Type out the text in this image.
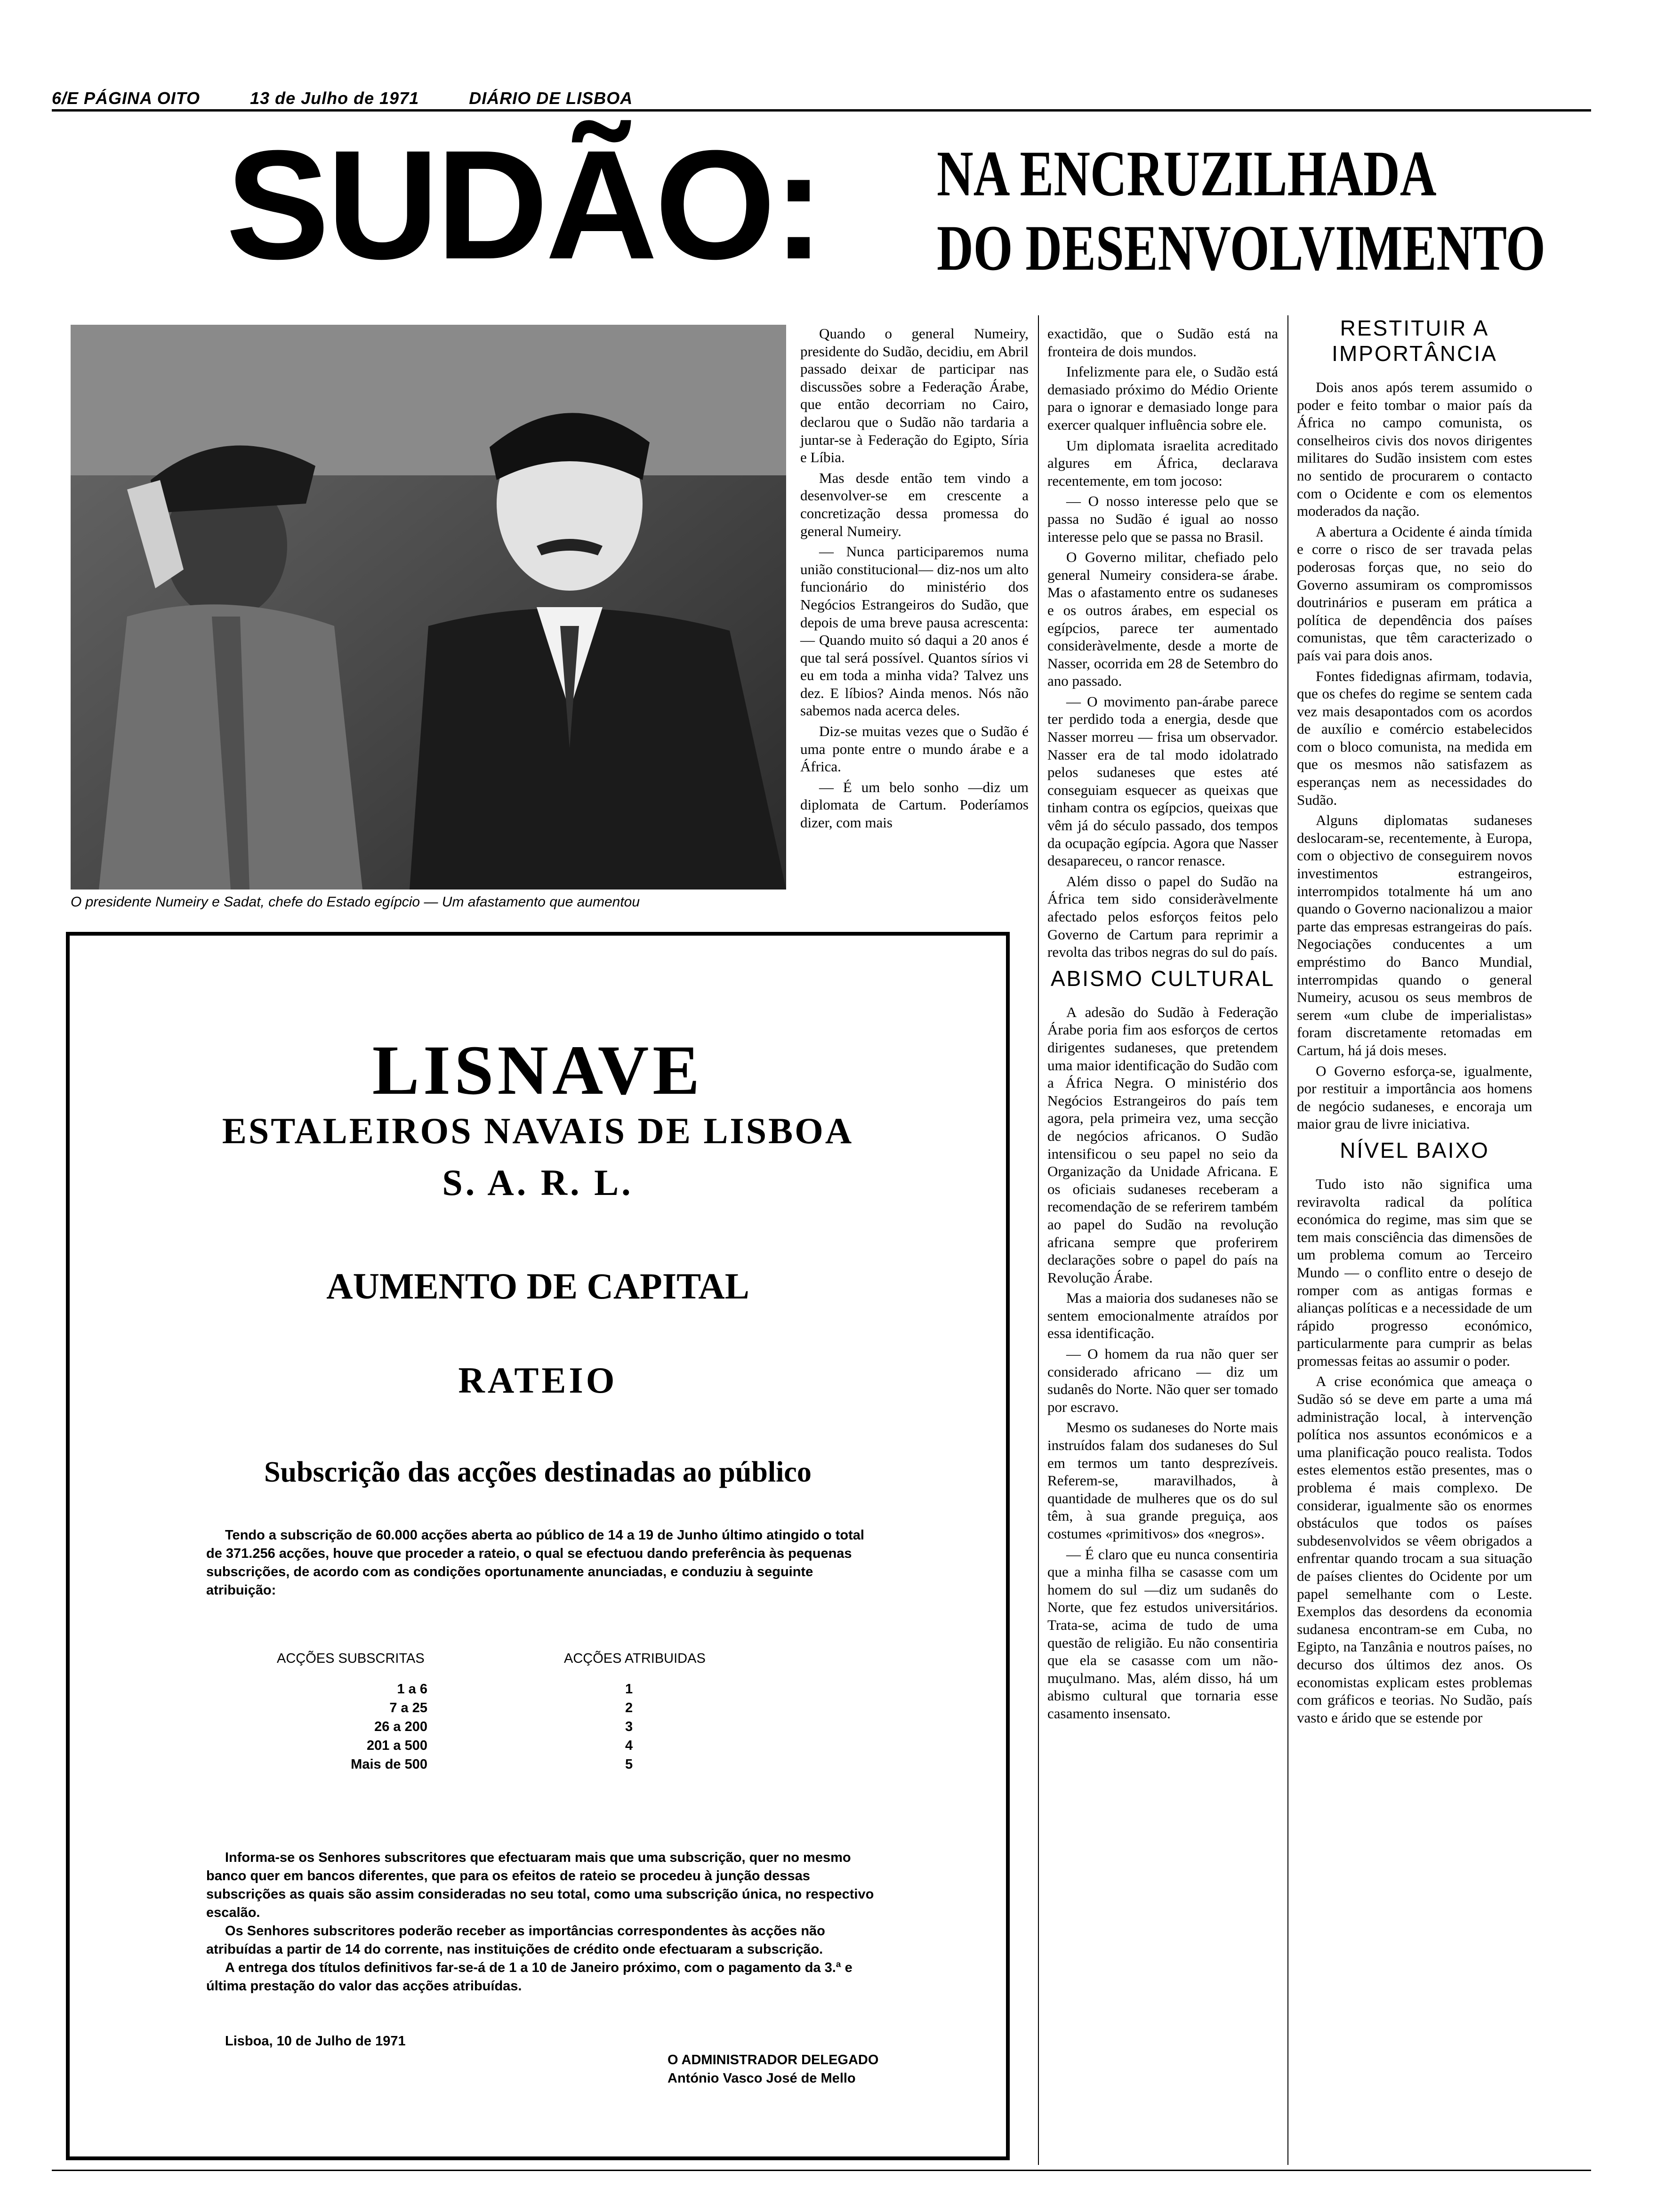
6/E PÁGINA OITO	13 de Julho de 1971	DIÁRIO DE LISBOA
SUDÃO: NA ENCRUZILHADA
DO DESENVOLVIMENTO
O presidente Numeiry e Sadat, chefe do Estado egípcio — Um afastamento que aumentou

Quando o general Numeiry, presidente do Sudão, decidiu, em Abril passado deixar de participar nas discussões sobre a Federação Árabe, que então decorriam no Cairo, declarou que o Sudão não tardaria a juntar-se à Federação do Egipto, Síria e Líbia.

Mas desde então tem vindo a desenvolver-se em crescente a concretização dessa promessa do general Numeiry.

— Nunca participaremos numa união constitucional— diz-nos um alto funcionário do ministério dos Negócios Estrangeiros do Sudão, que depois de uma breve pausa acrescenta: — Quando muito só daqui a 20 anos é que tal será possível. Quantos sírios vi eu em toda a minha vida? Talvez uns dez. E líbios? Ainda menos. Nós não sabemos nada acerca deles.

Diz-se muitas vezes que o Sudão é uma ponte entre o mundo árabe e a África.

— É um belo sonho —diz um diplomata de Cartum. Poderíamos dizer, com mais

exactidão, que o Sudão está na fronteira de dois mundos.

Infelizmente para ele, o Sudão está demasiado próximo do Médio Oriente para o ignorar e demasiado longe para exercer qualquer influência sobre ele.

Um diplomata israelita acreditado algures em África, declarava recentemente, em tom jocoso:

— O nosso interesse pelo que se passa no Sudão é igual ao nosso interesse pelo que se passa no Brasil.

O Governo militar, chefiado pelo general Numeiry considera-se árabe. Mas o afastamento entre os sudaneses e os outros árabes, em especial os egípcios, parece ter aumentado consideràvelmente, desde a morte de Nasser, ocorrida em 28 de Setembro do ano passado.

— O movimento pan-árabe parece ter perdido toda a energia, desde que Nasser morreu — frisa um observador. Nasser era de tal modo idolatrado pelos sudaneses que estes até conseguiam esquecer as queixas que tinham contra os egípcios, queixas que vêm já do século passado, dos tempos da ocupação egípcia. Agora que Nasser desapareceu, o rancor renasce.

Além disso o papel do Sudão na África tem sido consideràvelmente afectado pelos esforços feitos pelo Governo de Cartum para reprimir a revolta das tribos negras do sul do país.

ABISMO CULTURAL

A adesão do Sudão à Federação Árabe poria fim aos esforços de certos dirigentes sudaneses, que pretendem uma maior identificação do Sudão com a África Negra. O ministério dos Negócios Estrangeiros do país tem agora, pela primeira vez, uma secção de negócios africanos. O Sudão intensificou o seu papel no seio da Organização da Unidade Africana. E os oficiais sudaneses receberam a recomendação de se referirem também ao papel do Sudão na revolução africana sempre que proferirem declarações sobre o papel do país na Revolução Árabe.

Mas a maioria dos sudaneses não se sentem emocionalmente atraídos por essa identificação.

— O homem da rua não quer ser considerado africano — diz um sudanês do Norte. Não quer ser tomado por escravo.

Mesmo os sudaneses do Norte mais instruídos falam dos sudaneses do Sul em termos um tanto desprezíveis. Referem-se, maravilhados, à quantidade de mulheres que os do sul têm, à sua grande preguiça, aos costumes «primitivos» dos «negros».

— É claro que eu nunca consentiria que a minha filha se casasse com um homem do sul —diz um sudanês do Norte, que fez estudos universitários. Trata-se, acima de tudo de uma questão de religião. Eu não consentiria que ela se casasse com um não-muçulmano. Mas, além disso, há um abismo cultural que tornaria esse casamento insensato.

RESTITUIR A IMPORTÂNCIA

Dois anos após terem assumido o poder e feito tombar o maior país da África no campo comunista, os conselheiros civis dos novos dirigentes militares do Sudão insistem com estes no sentido de procurarem o contacto com o Ocidente e com os elementos moderados da nação.

A abertura a Ocidente é ainda tímida e corre o risco de ser travada pelas poderosas forças que, no seio do Governo assumiram os compromissos doutrinários e puseram em prática a política de dependência dos países comunistas, que têm caracterizado o país vai para dois anos.

Fontes fidedignas afirmam, todavia, que os chefes do regime se sentem cada vez mais desapontados com os acordos de auxílio e comércio estabelecidos com o bloco comunista, na medida em que os mesmos não satisfazem as esperanças nem as necessidades do Sudão.

Alguns diplomatas sudaneses deslocaram-se, recentemente, à Europa, com o objectivo de conseguirem novos investimentos estrangeiros, interrompidos totalmente há um ano quando o Governo nacionalizou a maior parte das empresas estrangeiras do país. Negociações conducentes a um empréstimo do Banco Mundial, interrompidas quando o general Numeiry, acusou os seus membros de serem «um clube de imperialistas» foram discretamente retomadas em Cartum, há já dois meses.

O Governo esforça-se, igualmente, por restituir a importância aos homens de negócio sudaneses, e encoraja um maior grau de livre iniciativa.

NÍVEL BAIXO

Tudo isto não significa uma reviravolta radical da política económica do regime, mas sim que se tem mais consciência das dimensões de um problema comum ao Terceiro Mundo — o conflito entre o desejo de romper com as antigas formas e alianças políticas e a necessidade de um rápido progresso económico, particularmente para cumprir as belas promessas feitas ao assumir o poder.

A crise económica que ameaça o Sudão só se deve em parte a uma má administração local, à intervenção política nos assuntos económicos e a uma planificação pouco realista. Todos estes elementos estão presentes, mas o problema é mais complexo. De considerar, igualmente são os enormes obstáculos que todos os países subdesenvolvidos se vêem obrigados a enfrentar quando trocam a sua situação de países clientes do Ocidente por um papel semelhante com o Leste. Exemplos das desordens da economia sudanesa encontram-se em Cuba, no Egipto, na Tanzânia e noutros países, no decurso dos últimos dez anos. Os economistas explicam estes problemas com gráficos e teorias. No Sudão, país vasto e árido que se estende por

LISNAVE
ESTALEIROS NAVAIS DE LISBOA
S. A. R. L.
AUMENTO DE CAPITAL
RATEIO
Subscrição das acções destinadas ao público

Tendo a subscrição de 60.000 acções aberta ao público de 14 a 19 de Junho último atingido o total de 371.256 acções, houve que proceder a rateio, o qual se efectuou dando preferência às pequenas subscrições, de acordo com as condições oportunamente anunciadas, e conduziu à seguinte atribuição:

ACÇÕES SUBSCRITAS	ACÇÕES ATRIBUIDAS
1 a 6	1
7 a 25	2
26 a 200	3
201 a 500	4
Mais de 500	5

Informa-se os Senhores subscritores que efectuaram mais que uma subscrição, quer no mesmo banco quer em bancos diferentes, que para os efeitos de rateio se procedeu à junção dessas subscrições as quais são assim consideradas no seu total, como uma subscrição única, no respectivo escalão.

Os Senhores subscritores poderão receber as importâncias correspondentes às acções não atribuídas a partir de 14 do corrente, nas instituições de crédito onde efectuaram a subscrição.

A entrega dos títulos definitivos far-se-á de 1 a 10 de Janeiro próximo, com o pagamento da 3.ª e última prestação do valor das acções atribuídas.

Lisboa, 10 de Julho de 1971
O ADMINISTRADOR DELEGADO
António Vasco José de Mello
